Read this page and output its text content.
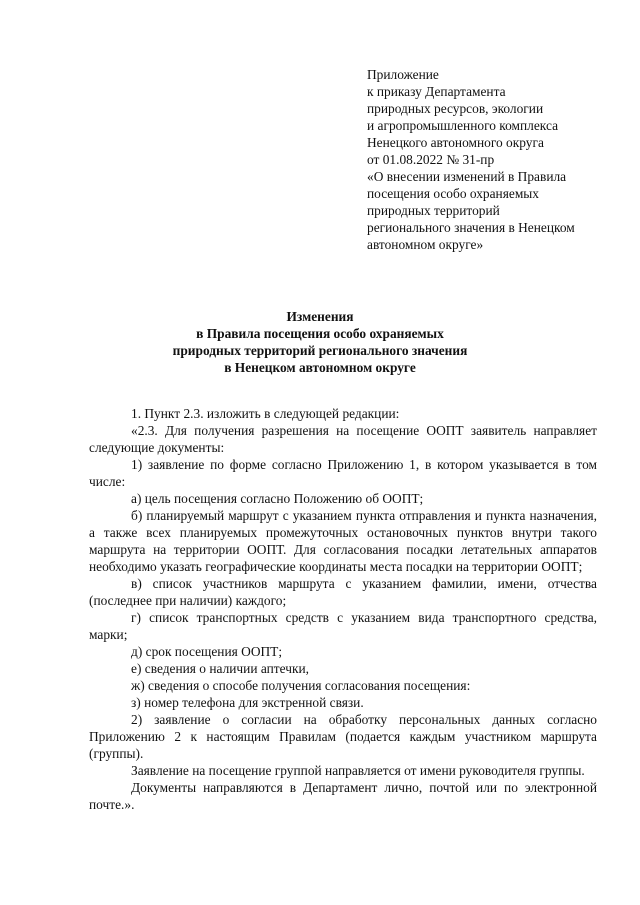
Приложение
к приказу Департамента
природных ресурсов, экологии
и агропромышленного комплекса
Ненецкого автономного округа
от 01.08.2022 № 31-пр
«О внесении изменений в Правила
посещения особо охраняемых
природных территорий
регионального значения в Ненецком
автономном округе»
Изменения
в Правила посещения особо охраняемых
природных территорий регионального значения
в Ненецком автономном округе
1. Пункт 2.3. изложить в следующей редакции:
«2.3. Для получения разрешения на посещение ООПТ заявитель направляет следующие документы:
1) заявление по форме согласно Приложению 1, в котором указывается в том числе:
а) цель посещения согласно Положению об ООПТ;
б) планируемый маршрут с указанием пункта отправления и пункта назначения, а также всех планируемых промежуточных остановочных пунктов внутри такого маршрута на территории ООПТ. Для согласования посадки летательных аппаратов необходимо указать географические координаты места посадки на территории ООПТ;
в) список участников маршрута с указанием фамилии, имени, отчества (последнее при наличии) каждого;
г) список транспортных средств с указанием вида транспортного средства, марки;
д) срок посещения ООПТ;
е) сведения о наличии аптечки,
ж) сведения о способе получения согласования посещения:
з) номер телефона для экстренной связи.
2) заявление о согласии на обработку персональных данных согласно Приложению 2 к настоящим Правилам (подается каждым участником маршрута (группы).
Заявление на посещение группой направляется от имени руководителя группы.
Документы направляются в Департамент лично, почтой или по электронной почте.».
